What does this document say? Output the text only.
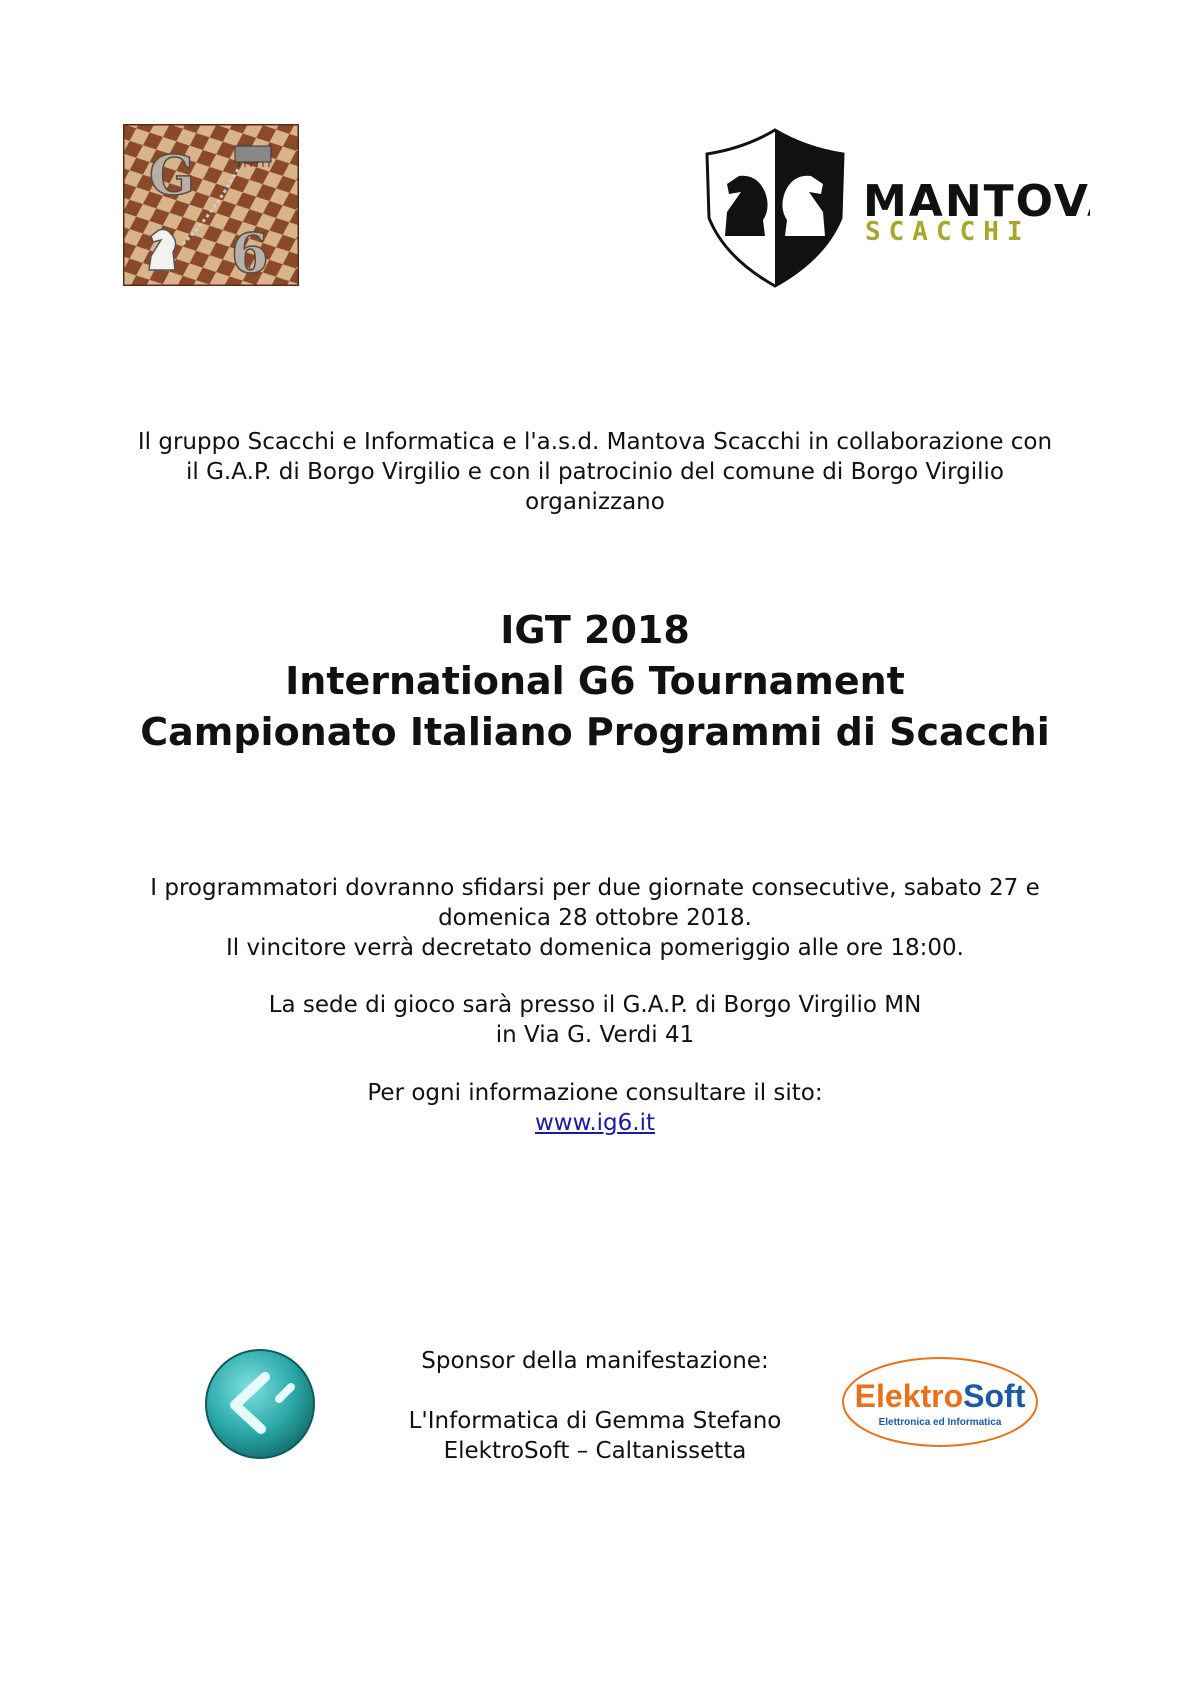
G
6
MANTOV
SCACCHI
Il gruppo Scacchi e Informatica e l'a.s.d. Mantova Scacchi in collaborazione con
il G.A.P. di Borgo Virgilio e con il patrocinio del comune di Borgo Virgilio
organizzano
IGT 2018
International G6 Tournament
Campionato Italiano Programmi di Scacchi
I programmatori dovranno sfidarsi per due giornate consecutive, sabato 27 e
domenica 28 ottobre 2018.
Il vincitore verrà decretato domenica pomeriggio alle ore 18:00.
La sede di gioco sarà presso il G.A.P. di Borgo Virgilio MN
in Via G. Verdi 41
Per ogni informazione consultare il sito:
www.ig6.it
Sponsor della manifestazione:
L'Informatica di Gemma Stefano
ElektroSoft – Caltanissetta
ElektroSoft
Elettronica ed Informatica
